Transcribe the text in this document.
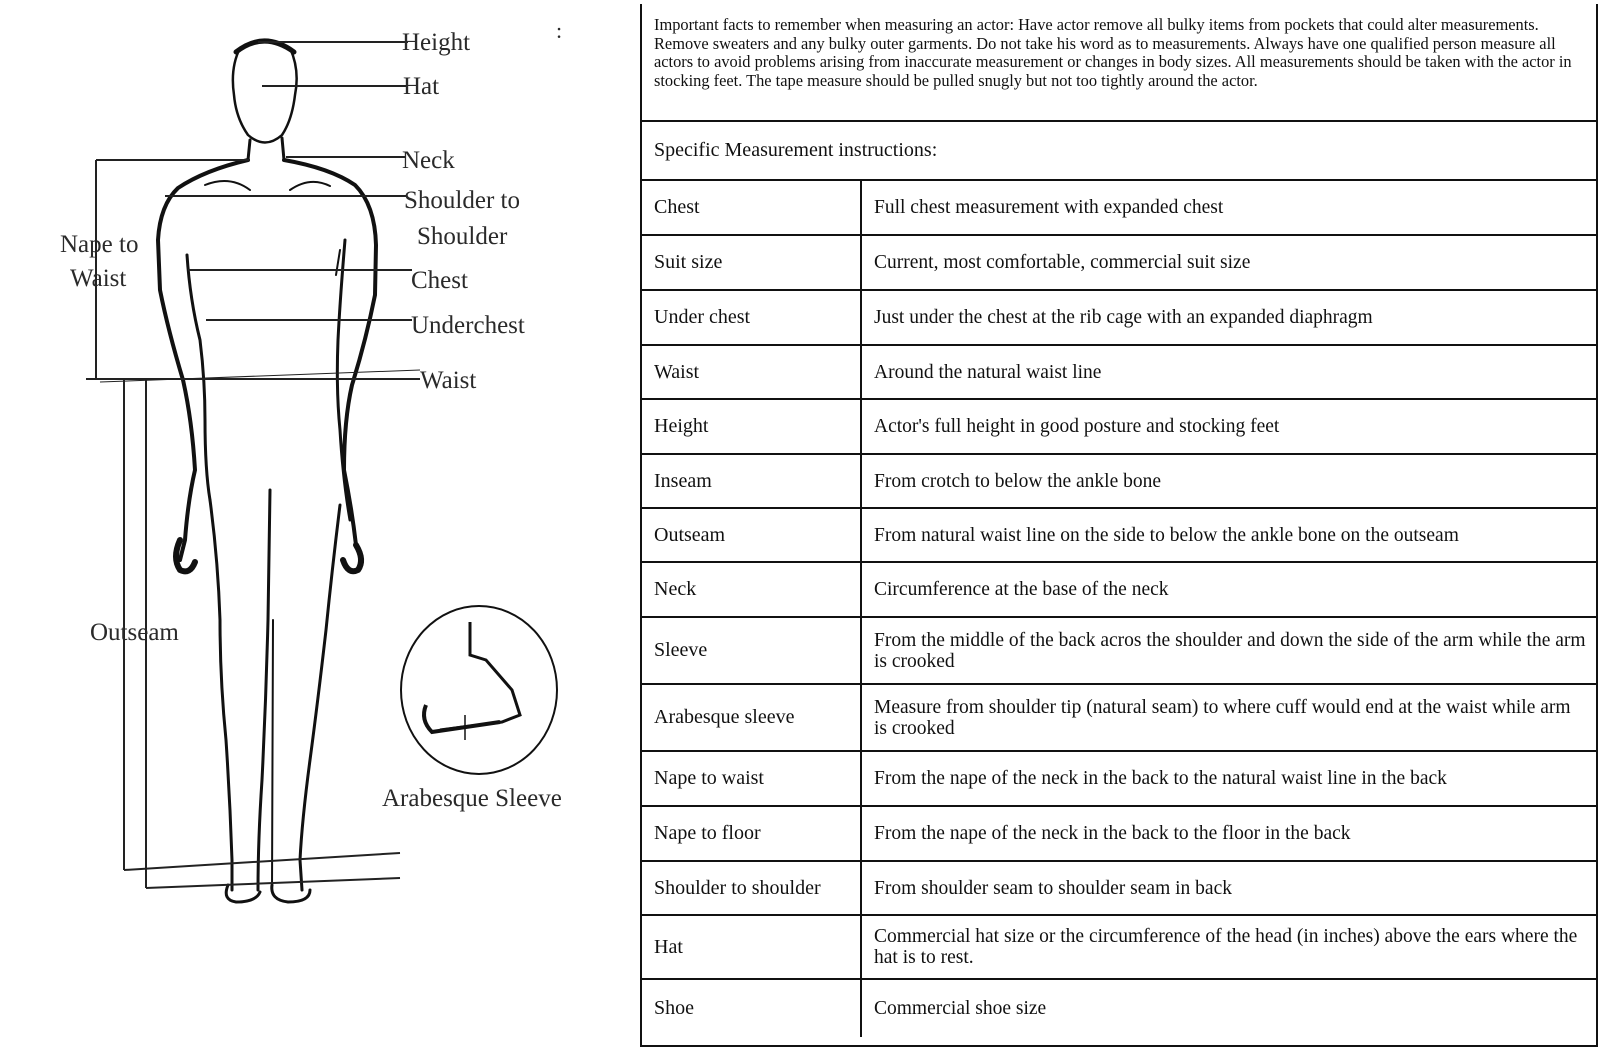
Height
Hat
Neck
Shoulder to
Shoulder
Chest
Underchest
Waist
Nape to
Waist
Outseam
Arabesque Sleeve
:	Important facts to remember when measuring an actor: Have actor remove all bulky items from pockets that could alter measurements. Remove sweaters and any bulky outer garments. Do not take his word as to measurements. Always have one qualified person measure all actors to avoid problems arising from inaccurate measurement or changes in body sizes. All measurements should be taken with the actor in stocking feet. The tape measure should be pulled snugly but not too tightly around the actor.
Specific Measurement instructions:
Chest	Full chest measurement with expanded chest
Suit size	Current, most comfortable, commercial suit size
Under chest	Just under the chest at the rib cage with an expanded diaphragm
Waist	Around the natural waist line
Height	Actor's full height in good posture and stocking feet
Inseam	From crotch to below the ankle bone
Outseam	From natural waist line on the side to below the ankle bone on the outseam
Neck	Circumference at the base of the neck
Sleeve	From the middle of the back acros the shoulder and down the side of the arm while the arm is crooked
Arabesque sleeve	Measure from shoulder tip (natural seam) to where cuff would end at the waist while arm is crooked
Nape to waist	From the nape of the neck in the back to the natural waist line in the back
Nape to floor	From the nape of the neck in the back to the floor in the back
Shoulder to shoulder	From shoulder seam to shoulder seam in back
Hat	Commercial hat size or the circumference of the head (in inches) above the ears where the hat is to rest.
Shoe	Commercial shoe size
